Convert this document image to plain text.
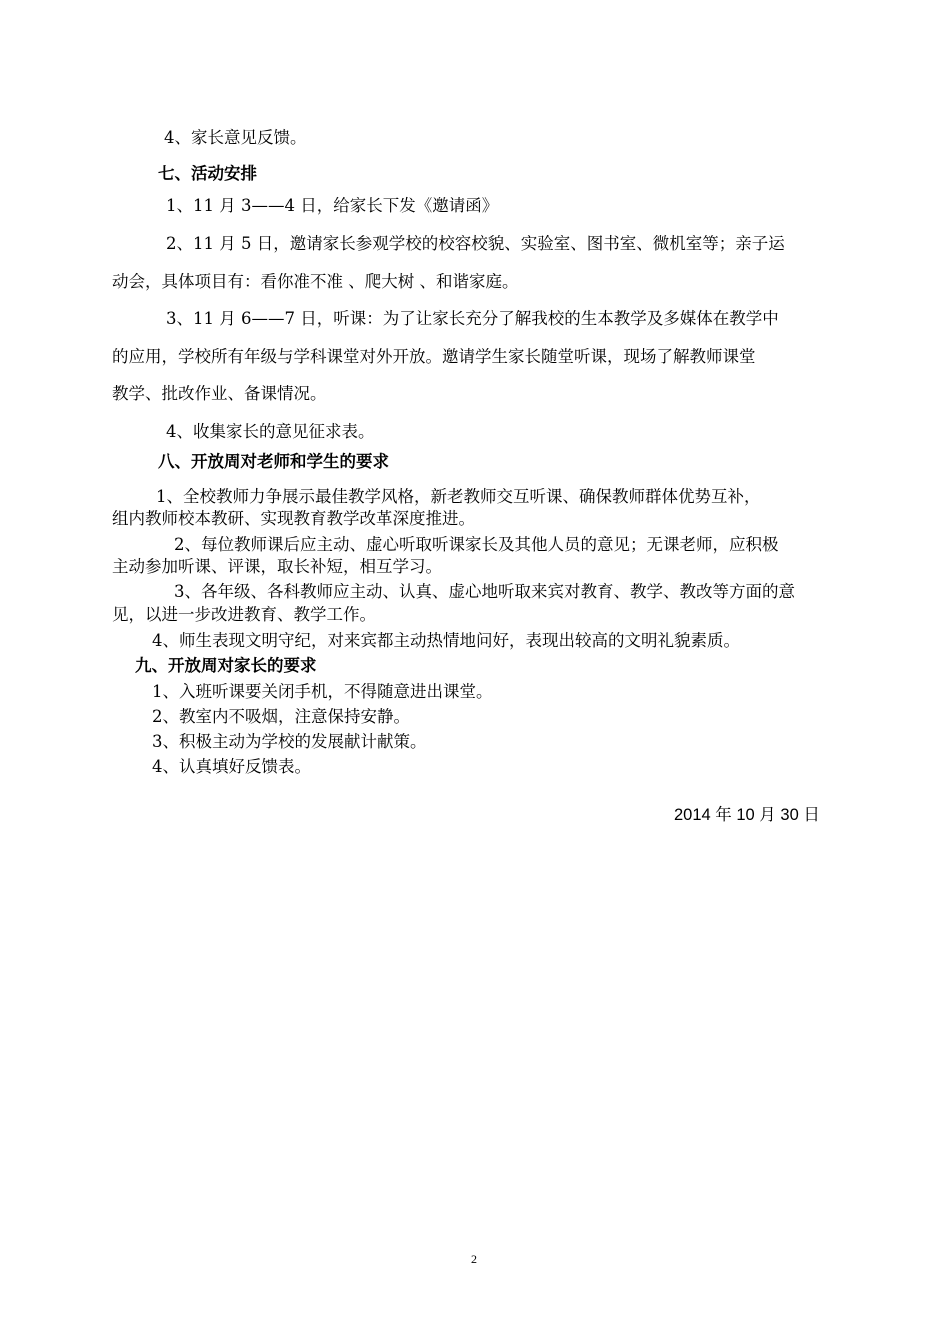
4、家长意见反馈。
七、活动安排
1、11 月 3——4 日，给家长下发《邀请函》
2、11 月 5 日，邀请家长参观学校的校容校貌、实验室、图书室、微机室等；亲子运
动会，具体项目有：看你准不准 、爬大树 、和谐家庭。
3、11 月 6——7 日，听课：为了让家长充分了解我校的生本教学及多媒体在教学中
的应用，学校所有年级与学科课堂对外开放。邀请学生家长随堂听课，现场了解教师课堂
教学、批改作业、备课情况。
4、收集家长的意见征求表。
八、开放周对老师和学生的要求
1、全校教师力争展示最佳教学风格，新老教师交互听课、确保教师群体优势互补，
组内教师校本教研、实现教育教学改革深度推进。
2、每位教师课后应主动、虚心听取听课家长及其他人员的意见；无课老师，应积极
主动参加听课、评课，取长补短，相互学习。
3、各年级、各科教师应主动、认真、虚心地听取来宾对教育、教学、教改等方面的意
见，以进一步改进教育、教学工作。
4、师生表现文明守纪，对来宾都主动热情地问好，表现出较高的文明礼貌素质。
九、开放周对家长的要求
1、入班听课要关闭手机，不得随意进出课堂。
2、教室内不吸烟，注意保持安静。
3、积极主动为学校的发展献计献策。
4、认真填好反馈表。
2014 年 10 月 30 日
2
